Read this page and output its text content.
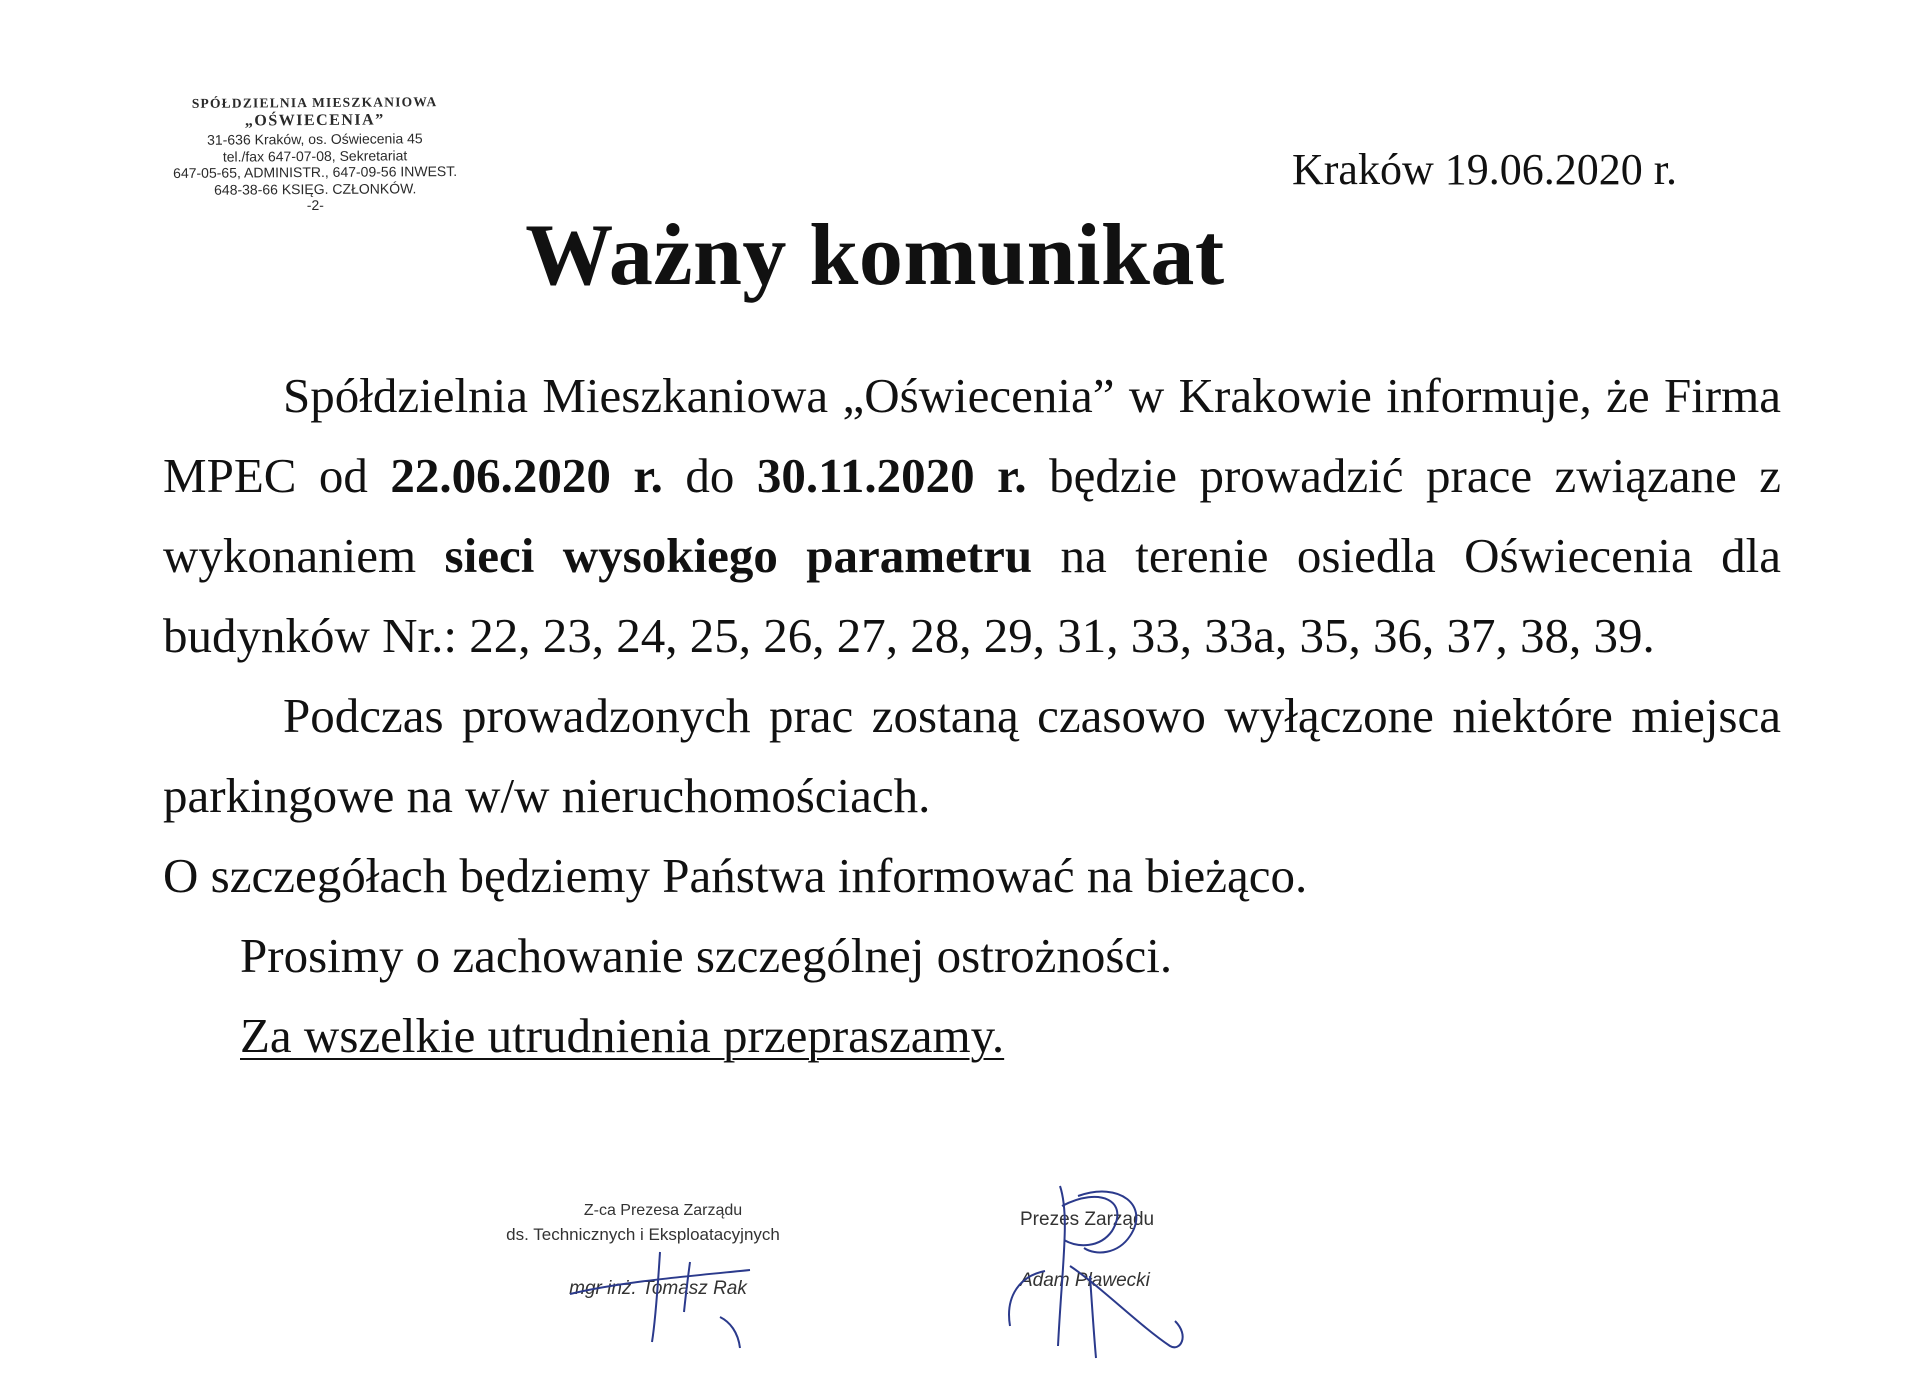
SPÓŁDZIELNIA MIESZKANIOWA
„OŚWIECENIA”
31-636 Kraków, os. Oświecenia 45
tel./fax 647-07-08, Sekretariat
647-05-65, ADMINISTR., 647-09-56 INWEST.
648-38-66 KSIĘG. CZŁONKÓW.
-2-
Kraków 19.06.2020 r.
Ważny komunikat

Spółdzielnia Mieszkaniowa „Oświecenia” w Krakowie informuje, że Firma MPEC od 22.06.2020 r. do 30.11.2020 r. będzie prowadzić prace związane z wykonaniem sieci wysokiego parametru na terenie osiedla Oświecenia dla budynków Nr.: 22, 23, 24, 25, 26, 27, 28, 29, 31, 33, 33a, 35, 36, 37, 38, 39.

Podczas prowadzonych prac zostaną czasowo wyłączone niektóre miejsca parkingowe na w/w nieruchomościach.

O szczegółach będziemy Państwa informować na bieżąco.

Prosimy o zachowanie szczególnej ostrożności.

Za wszelkie utrudnienia przepraszamy.

Z-ca Prezesa Zarządu
ds. Technicznych i Eksploatacyjnych
mgr inż. Tomasz Rak
Prezes Zarządu
Adam Pławecki
